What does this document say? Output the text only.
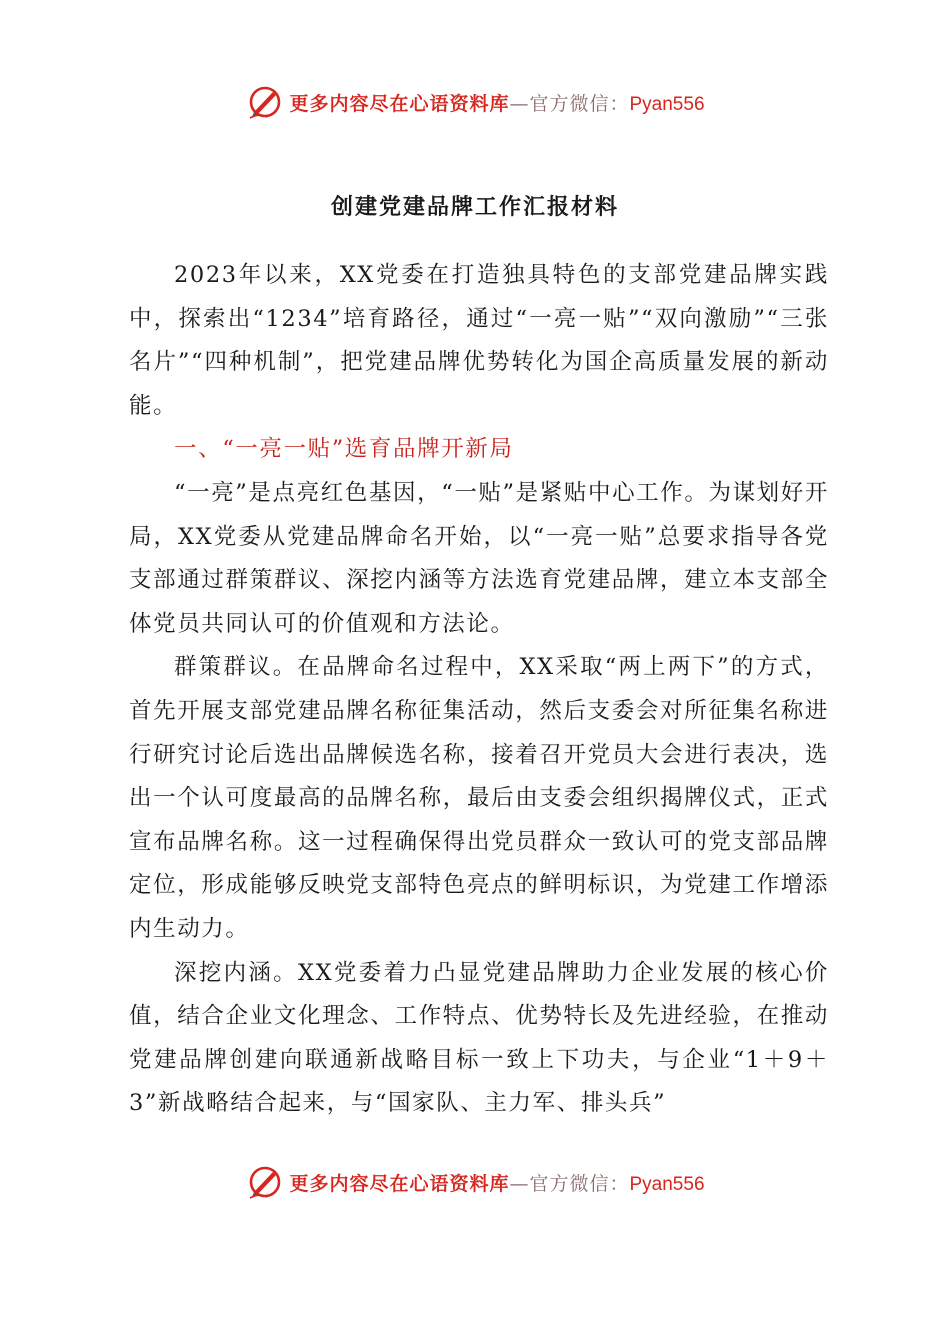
更多内容尽在心语资料库—官方微信：Pyan556
创建党建品牌工作汇报材料

2023年以来，XX党委在打造独具特色的支部党建品牌实践中，探索出“1234”培育路径，通过“一亮一贴”“双向激励”“三张名片”“四种机制”，把党建品牌优势转化为国企高质量发展的新动能。

一、“一亮一贴”选育品牌开新局

“一亮”是点亮红色基因，“一贴”是紧贴中心工作。为谋划好开局，XX党委从党建品牌命名开始，以“一亮一贴”总要求指导各党支部通过群策群议、深挖内涵等方法选育党建品牌，建立本支部全体党员共同认可的价值观和方法论。

群策群议。在品牌命名过程中，XX采取“两上两下”的方式，首先开展支部党建品牌名称征集活动，然后支委会对所征集名称进行研究讨论后选出品牌候选名称，接着召开党员大会进行表决，选出一个认可度最高的品牌名称，最后由支委会组织揭牌仪式，正式宣布品牌名称。这一过程确保得出党员群众一致认可的党支部品牌定位，形成能够反映党支部特色亮点的鲜明标识，为党建工作增添内生动力。

深挖内涵。XX党委着力凸显党建品牌助力企业发展的核心价值，结合企业文化理念、工作特点、优势特长及先进经验，在推动党建品牌创建向联通新战略目标一致上下功夫，与企业“1＋9＋3”新战略结合起来，与“国家队、主力军、排头兵”

更多内容尽在心语资料库—官方微信：Pyan556
